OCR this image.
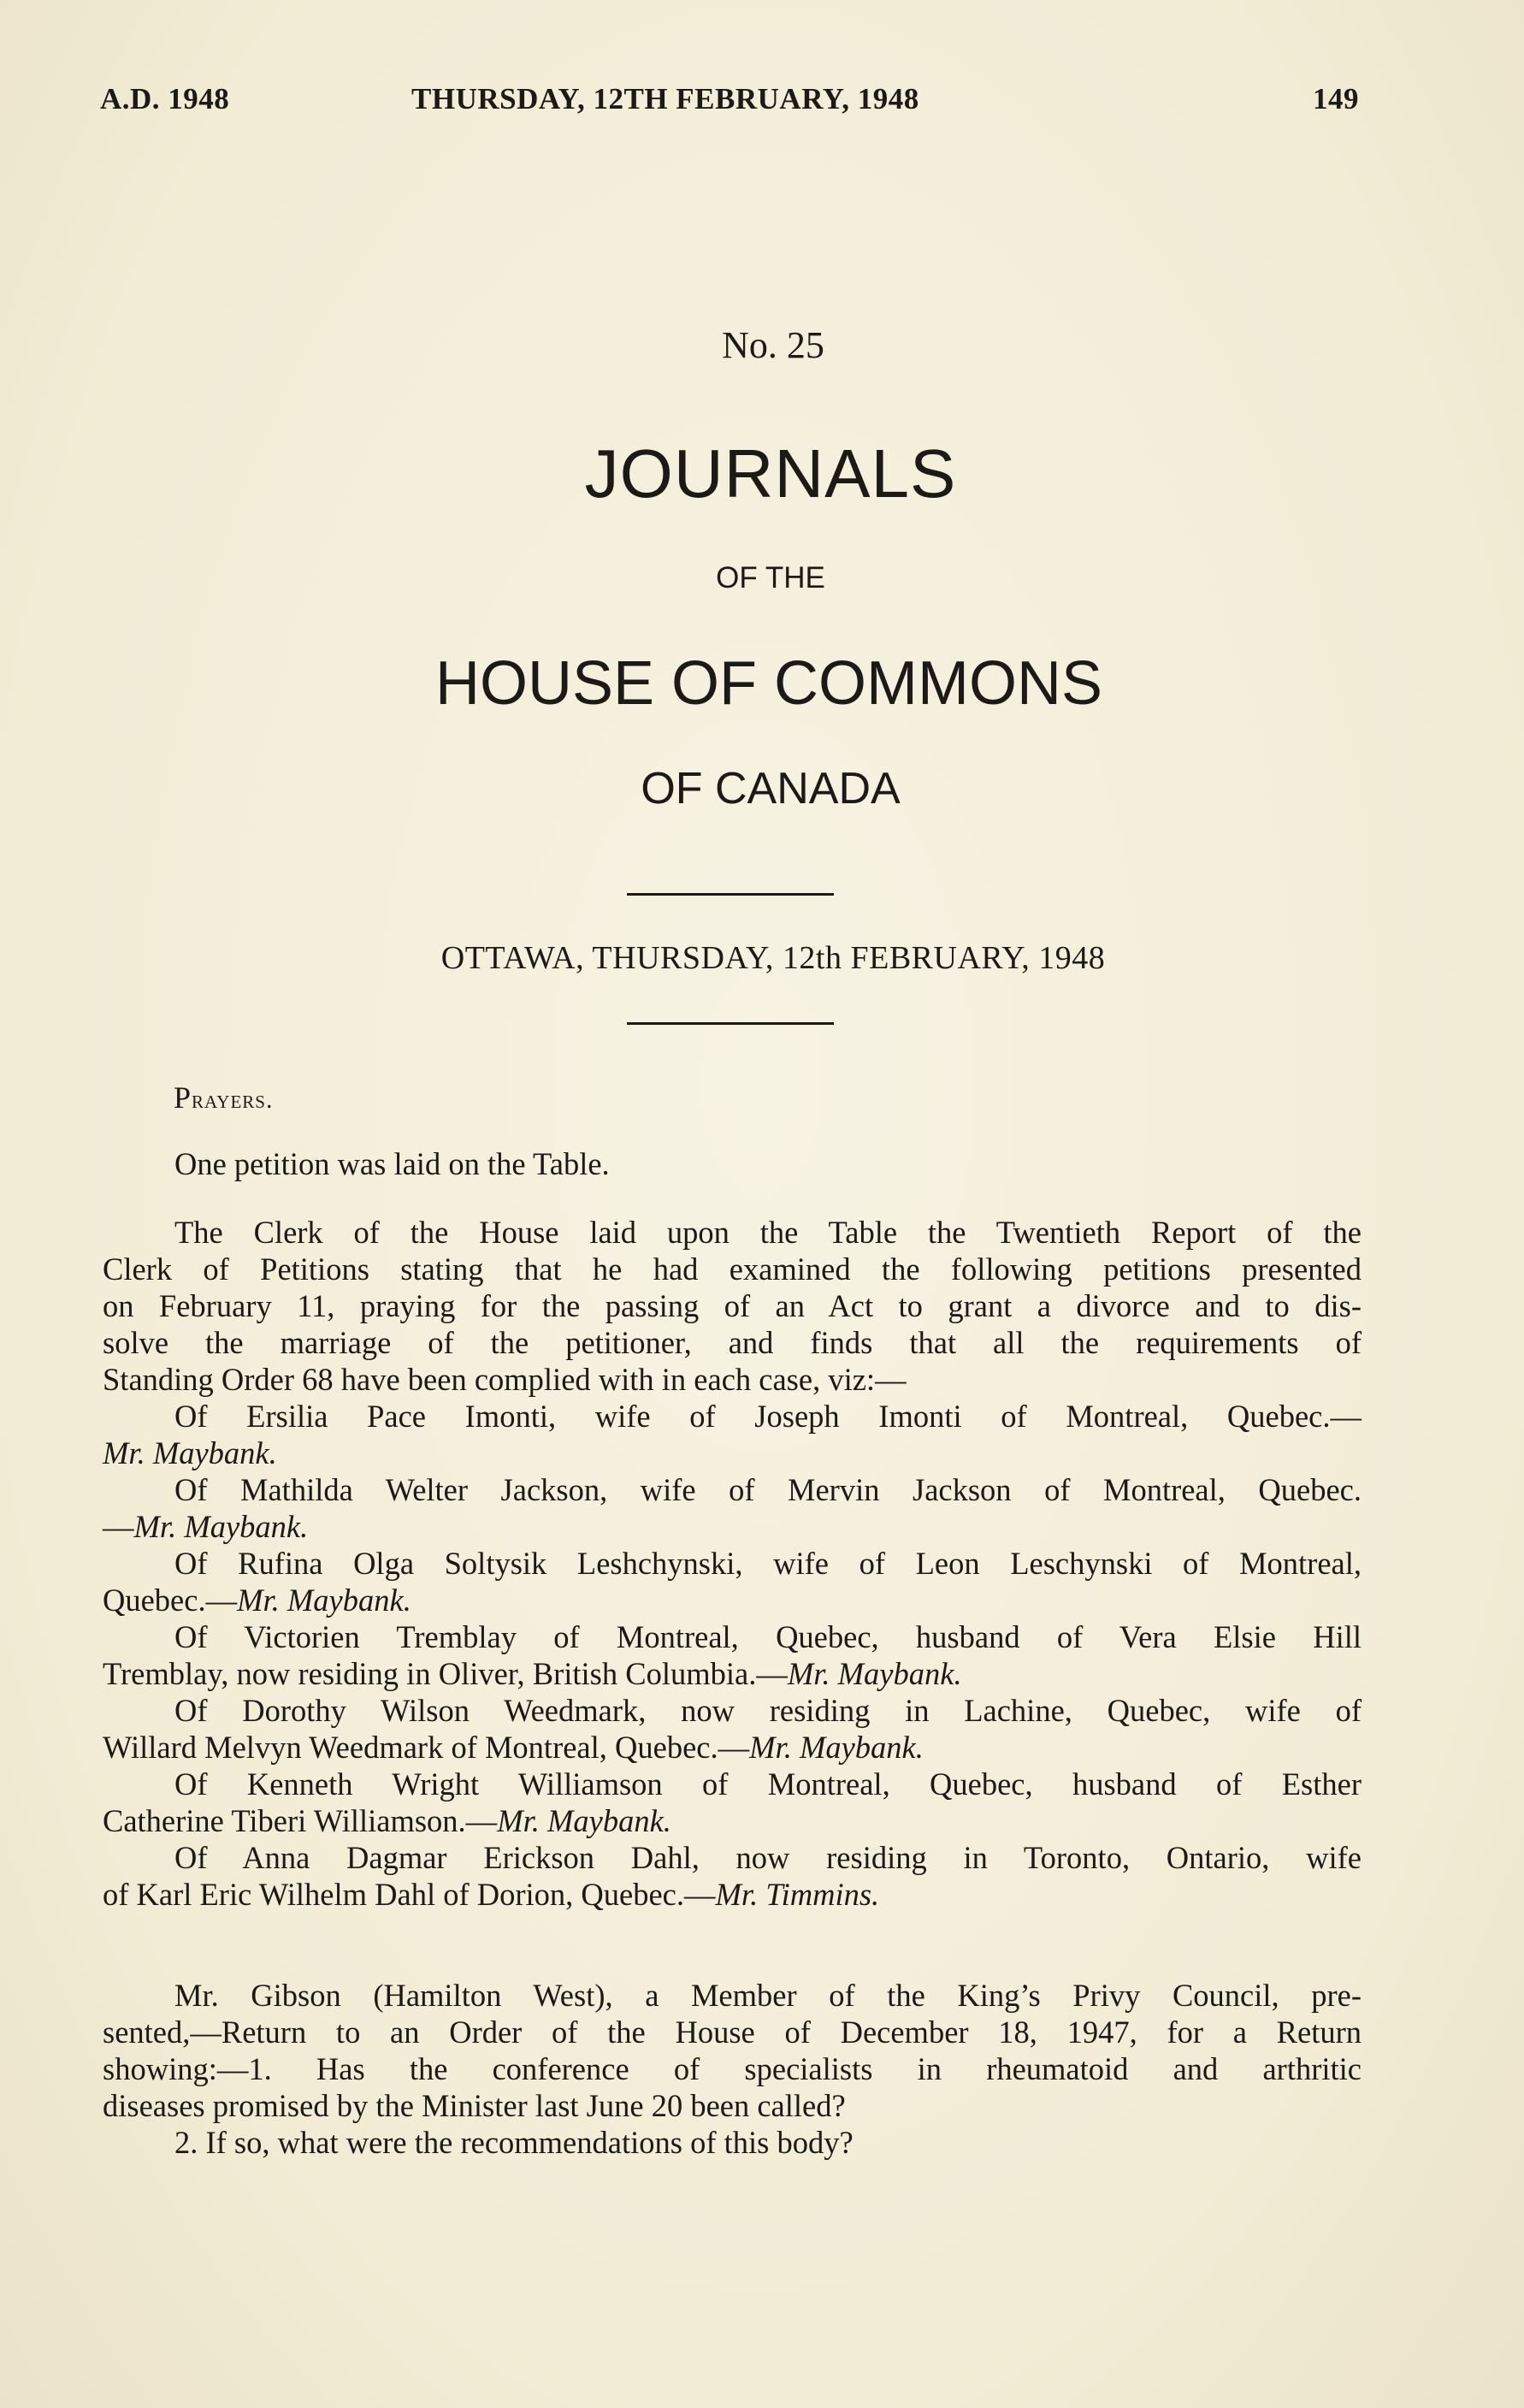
A.D. 1948	THURSDAY, 12TH FEBRUARY, 1948	149
No. 25
JOURNALS
OF THE
HOUSE OF COMMONS
OF CANADA
OTTAWA, THURSDAY, 12th FEBRUARY, 1948

Prayers.

One petition was laid on the Table.

The Clerk of the House laid upon the Table the Twentieth Report of the
Clerk of Petitions stating that he had examined the following petitions presented
on February 11, praying for the passing of an Act to grant a divorce and to dis-
solve the marriage of the petitioner, and finds that all the requirements of
Standing Order 68 have been complied with in each case, viz:—

Of Ersilia Pace Imonti, wife of Joseph Imonti of Montreal, Quebec.—
Mr. Maybank.

Of Mathilda Welter Jackson, wife of Mervin Jackson of Montreal, Quebec.
—Mr. Maybank.

Of Rufina Olga Soltysik Leshchynski, wife of Leon Leschynski of Montreal,
Quebec.—Mr. Maybank.

Of Victorien Tremblay of Montreal, Quebec, husband of Vera Elsie Hill
Tremblay, now residing in Oliver, British Columbia.—Mr. Maybank.

Of Dorothy Wilson Weedmark, now residing in Lachine, Quebec, wife of
Willard Melvyn Weedmark of Montreal, Quebec.—Mr. Maybank.

Of Kenneth Wright Williamson of Montreal, Quebec, husband of Esther
Catherine Tiberi Williamson.—Mr. Maybank.

Of Anna Dagmar Erickson Dahl, now residing in Toronto, Ontario, wife
of Karl Eric Wilhelm Dahl of Dorion, Quebec.—Mr. Timmins.

Mr. Gibson (Hamilton West), a Member of the King’s Privy Council, pre-
sented,—Return to an Order of the House of December 18, 1947, for a Return
showing:—1. Has the conference of specialists in rheumatoid and arthritic
diseases promised by the Minister last June 20 been called?

2. If so, what were the recommendations of this body?
